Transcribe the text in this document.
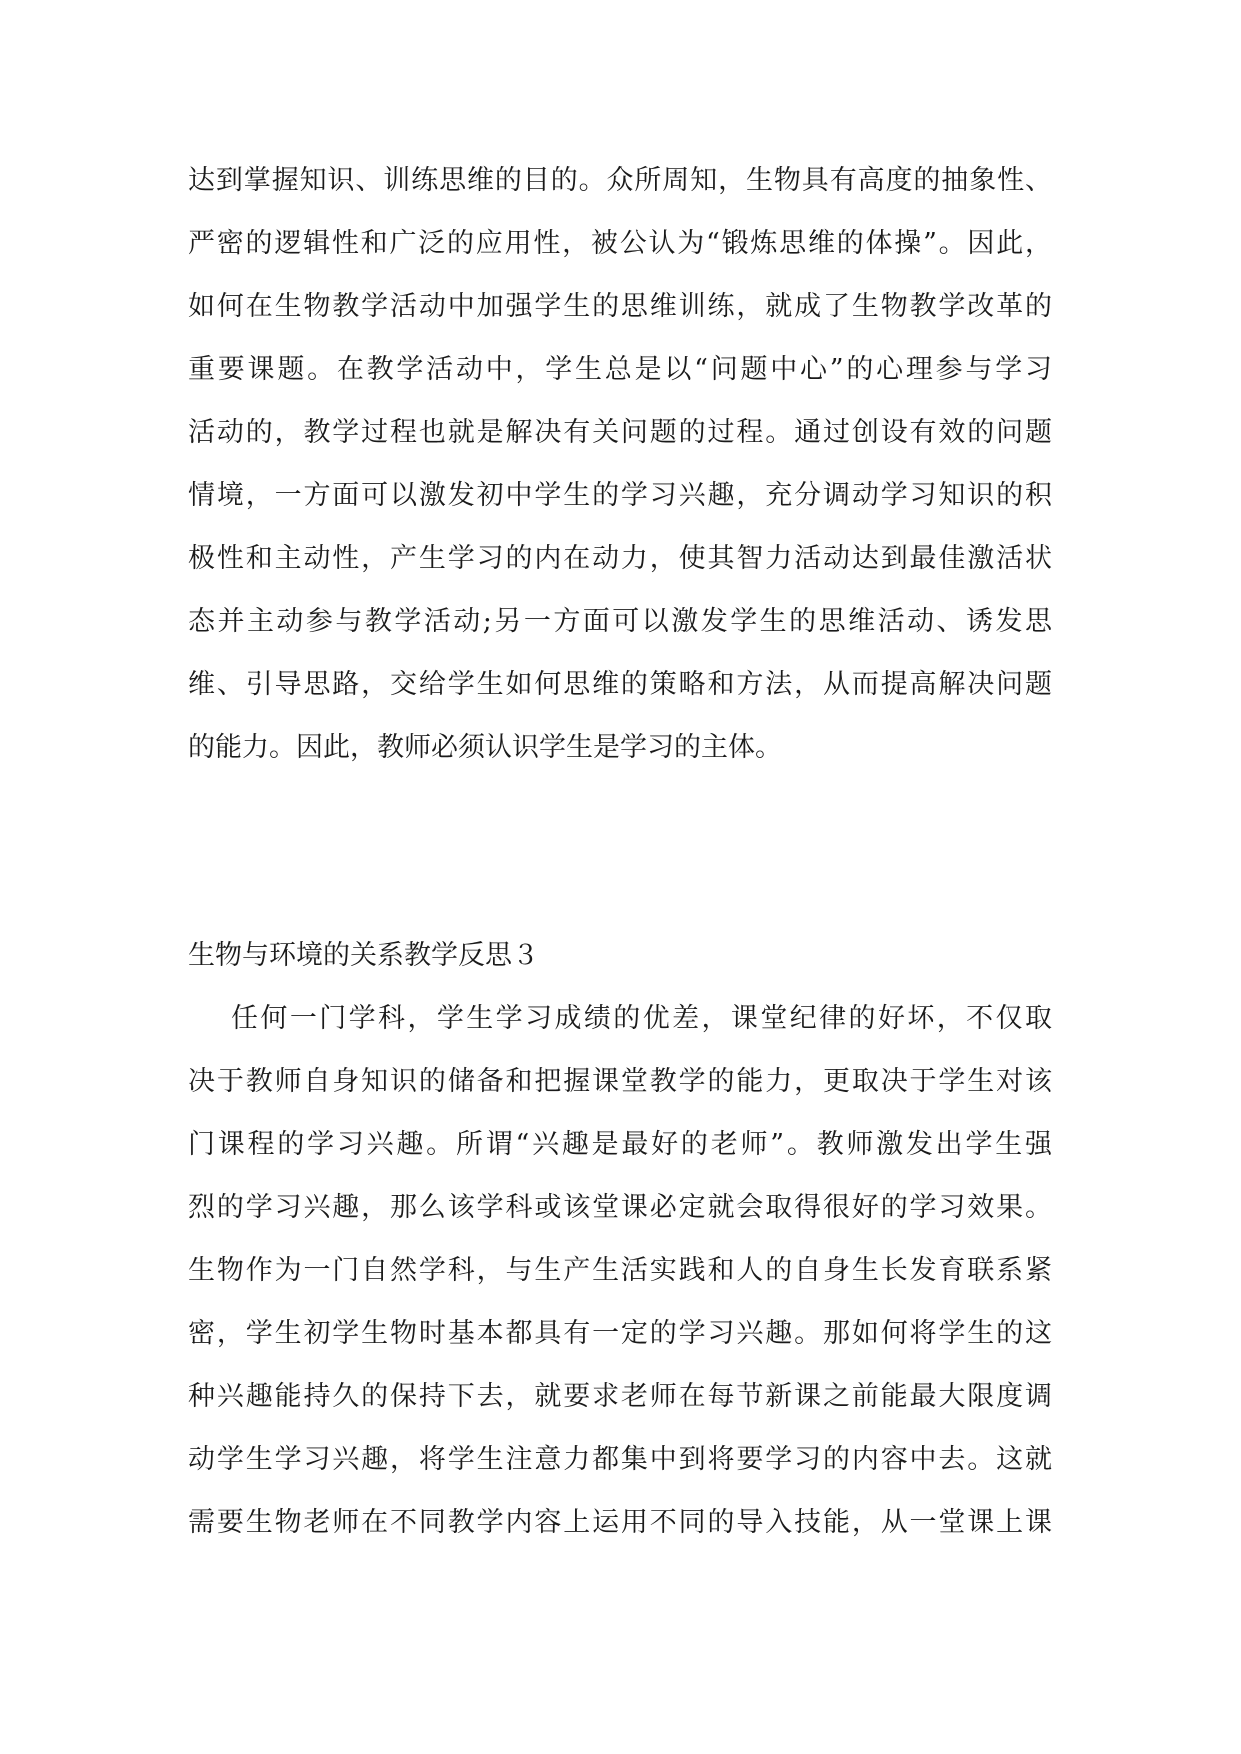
达到掌握知识、训练思维的目的。众所周知，生物具有高度的抽象性、
严密的逻辑性和广泛的应用性，被公认为“锻炼思维的体操”。因此，
如何在生物教学活动中加强学生的思维训练，就成了生物教学改革的
重要课题。在教学活动中，学生总是以“问题中心”的心理参与学习
活动的，教学过程也就是解决有关问题的过程。通过创设有效的问题
情境，一方面可以激发初中学生的学习兴趣，充分调动学习知识的积
极性和主动性，产生学习的内在动力，使其智力活动达到最佳激活状
态并主动参与教学活动;另一方面可以激发学生的思维活动、诱发思
维、引导思路，交给学生如何思维的策略和方法，从而提高解决问题
的能力。因此，教师必须认识学生是学习的主体。
生物与环境的关系教学反思３
任何一门学科，学生学习成绩的优差，课堂纪律的好坏，不仅取
决于教师自身知识的储备和把握课堂教学的能力，更取决于学生对该
门课程的学习兴趣。所谓“兴趣是最好的老师”。教师激发出学生强
烈的学习兴趣，那么该学科或该堂课必定就会取得很好的学习效果。
生物作为一门自然学科，与生产生活实践和人的自身生长发育联系紧
密，学生初学生物时基本都具有一定的学习兴趣。那如何将学生的这
种兴趣能持久的保持下去，就要求老师在每节新课之前能最大限度调
动学生学习兴趣，将学生注意力都集中到将要学习的内容中去。这就
需要生物老师在不同教学内容上运用不同的导入技能，从一堂课上课
